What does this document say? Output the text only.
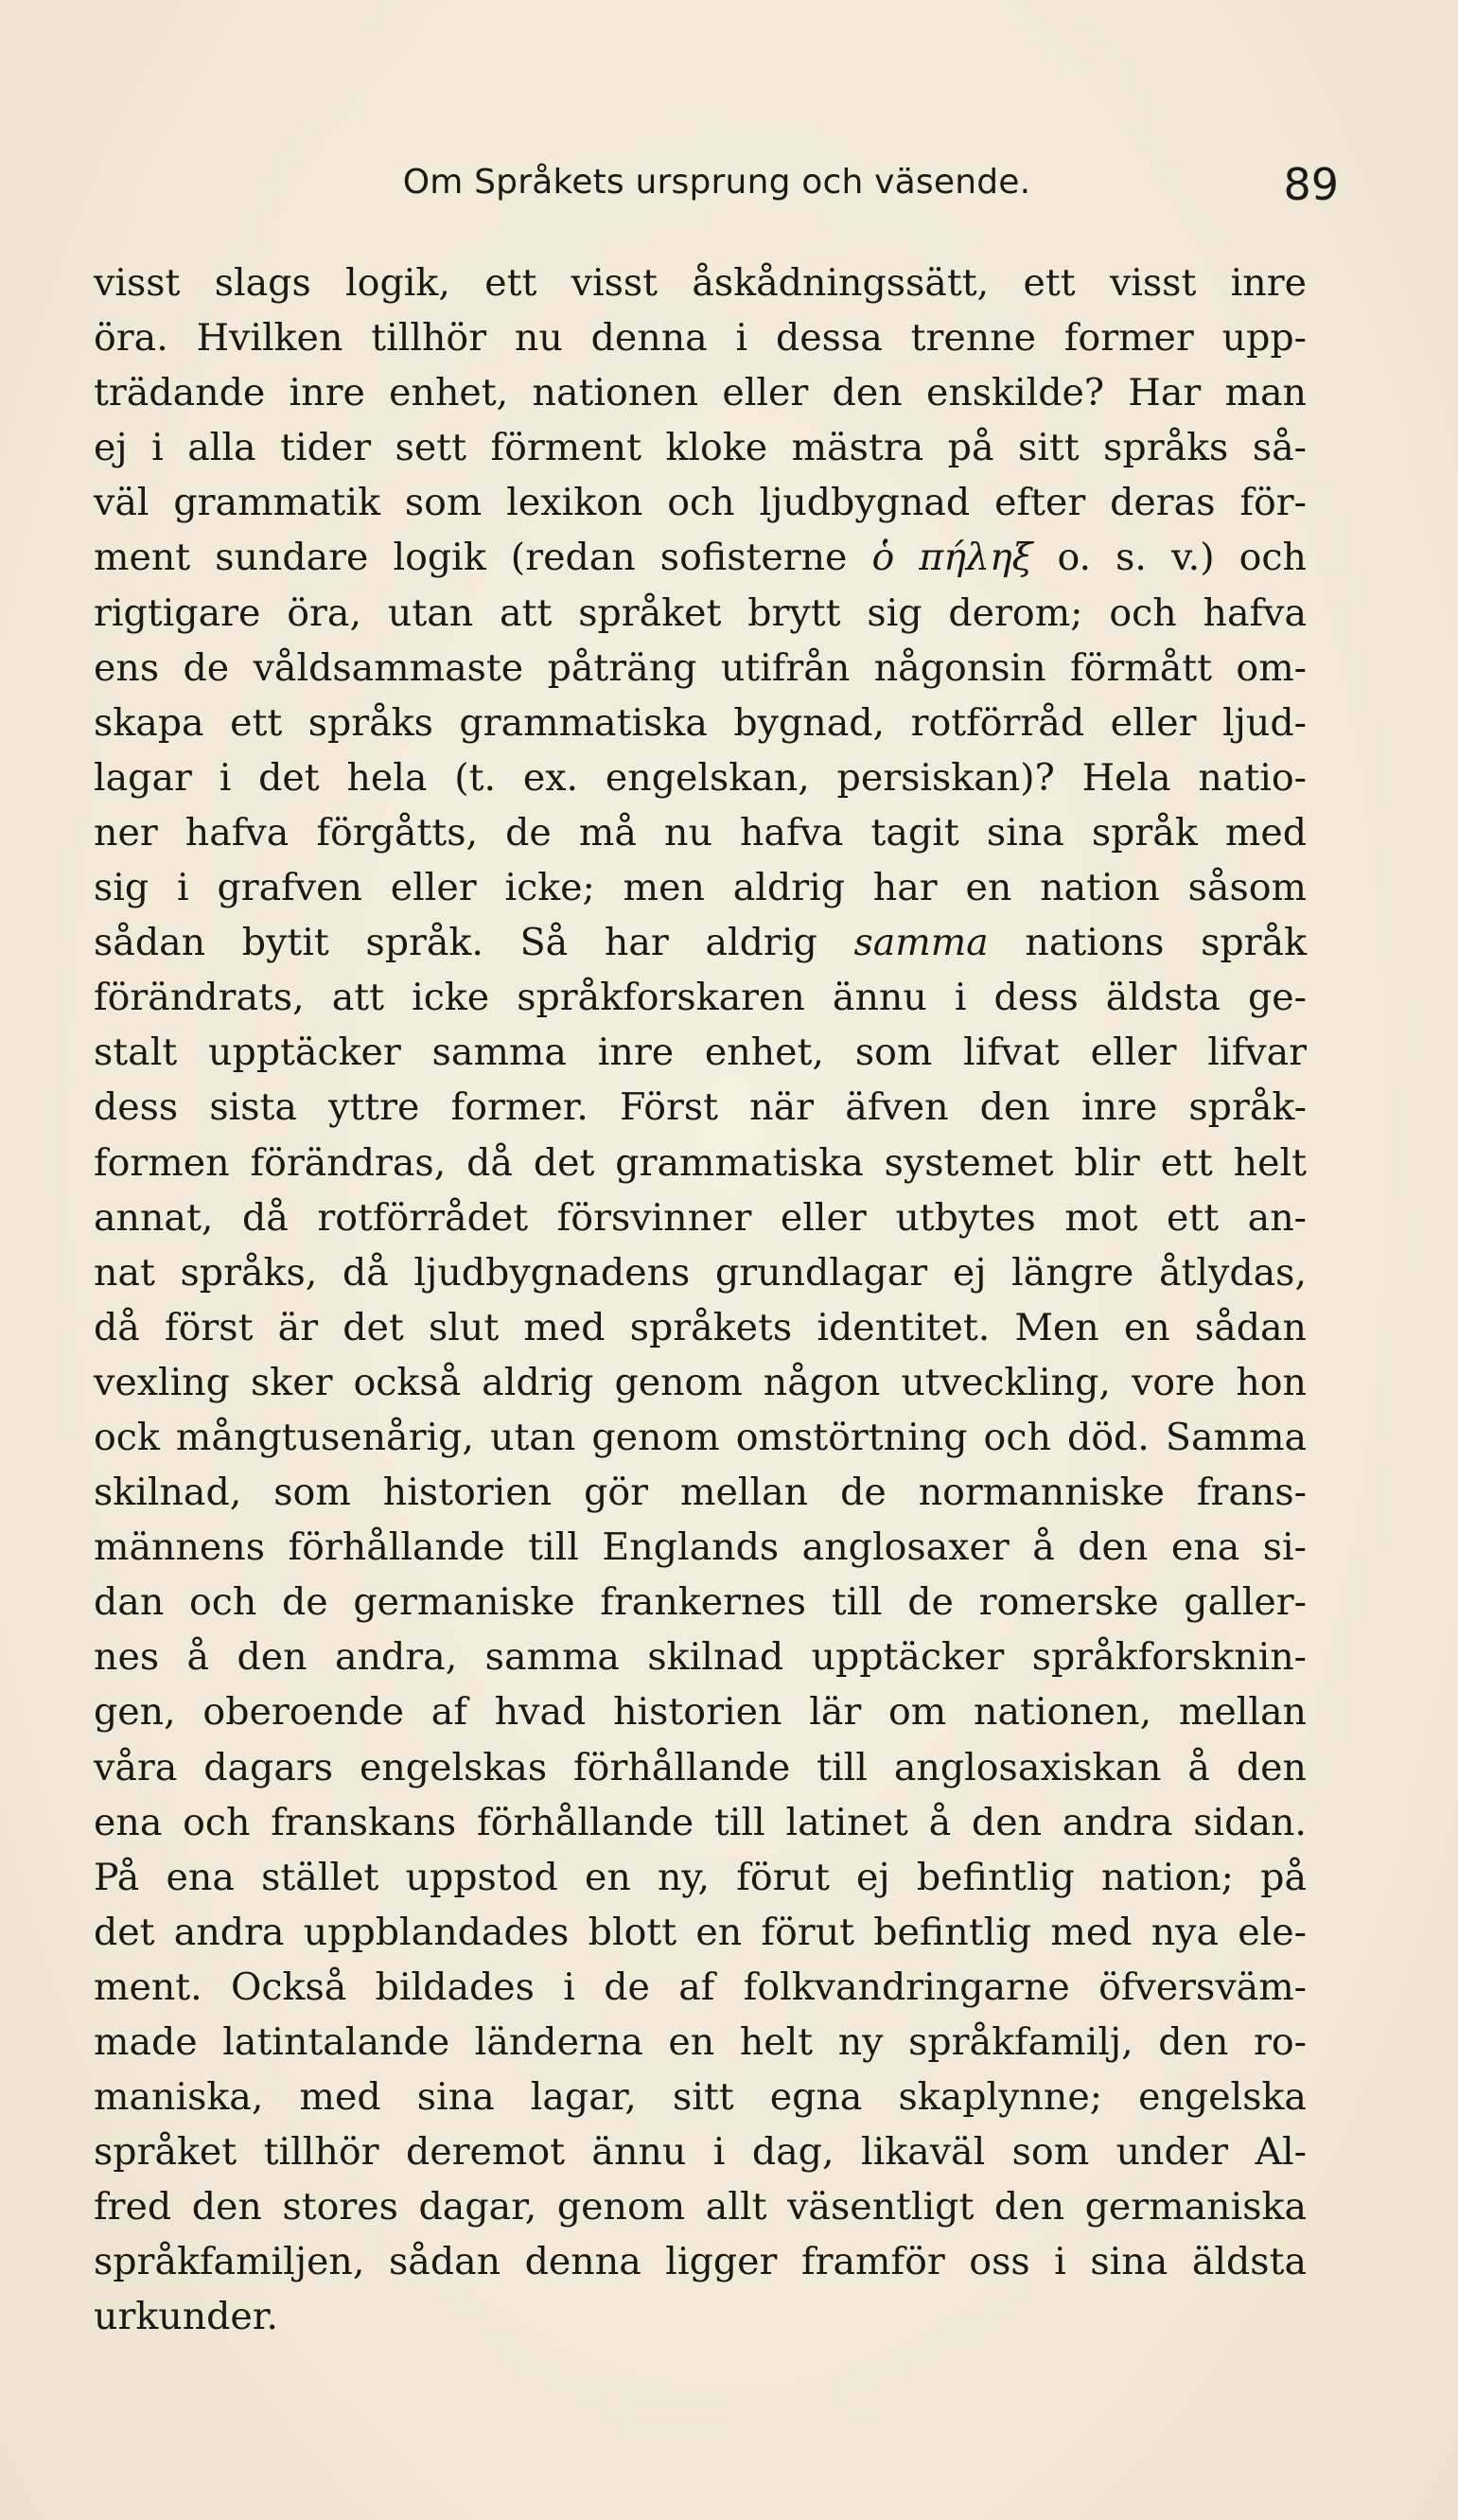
Om Språkets ursprung och väsende.	89
visst slags logik, ett visst åskådningssätt, ett visst inre
öra. Hvilken tillhör nu denna i dessa trenne former upp-
trädande inre enhet, nationen eller den enskilde? Har man
ej i alla tider sett förment kloke mästra på sitt språks så-
väl grammatik som lexikon och ljudbygnad efter deras för-
ment sundare logik (redan sofisterne ὁ πήληξ o. s. v.) och
rigtigare öra, utan att språket brytt sig derom; och hafva
ens de våldsammaste påträng utifrån någonsin förmått om-
skapa ett språks grammatiska bygnad, rotförråd eller ljud-
lagar i det hela (t. ex. engelskan, persiskan)? Hela natio-
ner hafva förgåtts, de må nu hafva tagit sina språk med
sig i grafven eller icke; men aldrig har en nation såsom
sådan bytit språk. Så har aldrig samma nations språk
förändrats, att icke språkforskaren ännu i dess äldsta ge-
stalt upptäcker samma inre enhet, som lifvat eller lifvar
dess sista yttre former. Först när äfven den inre språk-
formen förändras, då det grammatiska systemet blir ett helt
annat, då rotförrådet försvinner eller utbytes mot ett an-
nat språks, då ljudbygnadens grundlagar ej längre åtlydas,
då först är det slut med språkets identitet. Men en sådan
vexling sker också aldrig genom någon utveckling, vore hon
ock mångtusenårig, utan genom omstörtning och död. Samma
skilnad, som historien gör mellan de normanniske frans-
männens förhållande till Englands anglosaxer å den ena si-
dan och de germaniske frankernes till de romerske galler-
nes å den andra, samma skilnad upptäcker språkforsknin-
gen, oberoende af hvad historien lär om nationen, mellan
våra dagars engelskas förhållande till anglosaxiskan å den
ena och franskans förhållande till latinet å den andra sidan.
På ena stället uppstod en ny, förut ej befintlig nation; på
det andra uppblandades blott en förut befintlig med nya ele-
ment. Också bildades i de af folkvandringarne öfversväm-
made latintalande länderna en helt ny språkfamilj, den ro-
maniska, med sina lagar, sitt egna skaplynne; engelska
språket tillhör deremot ännu i dag, likaväl som under Al-
fred den stores dagar, genom allt väsentligt den germaniska
språkfamiljen, sådan denna ligger framför oss i sina äldsta
urkunder.
